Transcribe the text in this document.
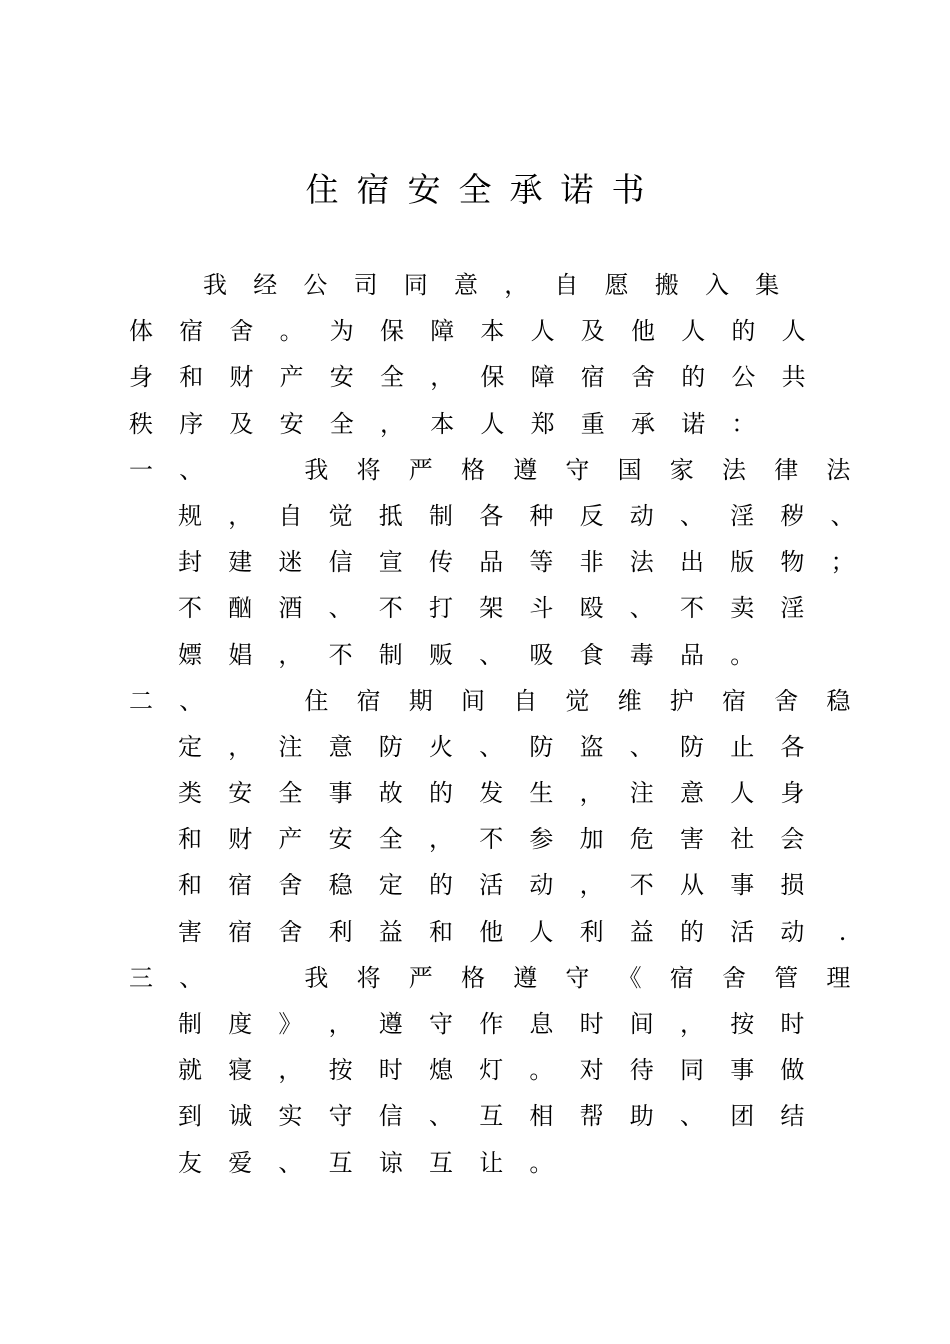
住宿安全承诺书
我 经 公 司 同 意 ， 自 愿 搬 入 集
体 宿 舍 。 为 保 障 本 人 及 他 人 的 人
身 和 财 产 安 全 ， 保 障 宿 舍 的 公 共
秩 序 及 安 全 ， 本 人 郑 重 承 诺 ：
一 、	我 将 严 格 遵 守 国 家 法 律 法
规 ， 自 觉 抵 制 各 种 反 动 、 淫 秽 、
封 建 迷 信 宣 传 品 等 非 法 出 版 物 ；
不 酗 酒 、 不 打 架 斗 殴 、 不 卖 淫
嫖 娼 ， 不 制 贩 、 吸 食 毒 品 。
二 、	住 宿 期 间 自 觉 维 护 宿 舍 稳
定 ， 注 意 防 火 、 防 盗 、 防 止 各
类 安 全 事 故 的 发 生 ， 注 意 人 身
和 财 产 安 全 ， 不 参 加 危 害 社 会
和 宿 舍 稳 定 的 活 动 ， 不 从 事 损
害 宿 舍 利 益 和 他 人 利 益 的 活 动	.
三 、	我 将 严 格 遵 守 《 宿 舍 管 理
制 度 》 ， 遵 守 作 息 时 间 ， 按 时
就 寝 ， 按 时 熄 灯 。 对 待 同 事 做
到 诚 实 守 信 、 互 相 帮 助 、 团 结
友 爱 、 互 谅 互 让 。
